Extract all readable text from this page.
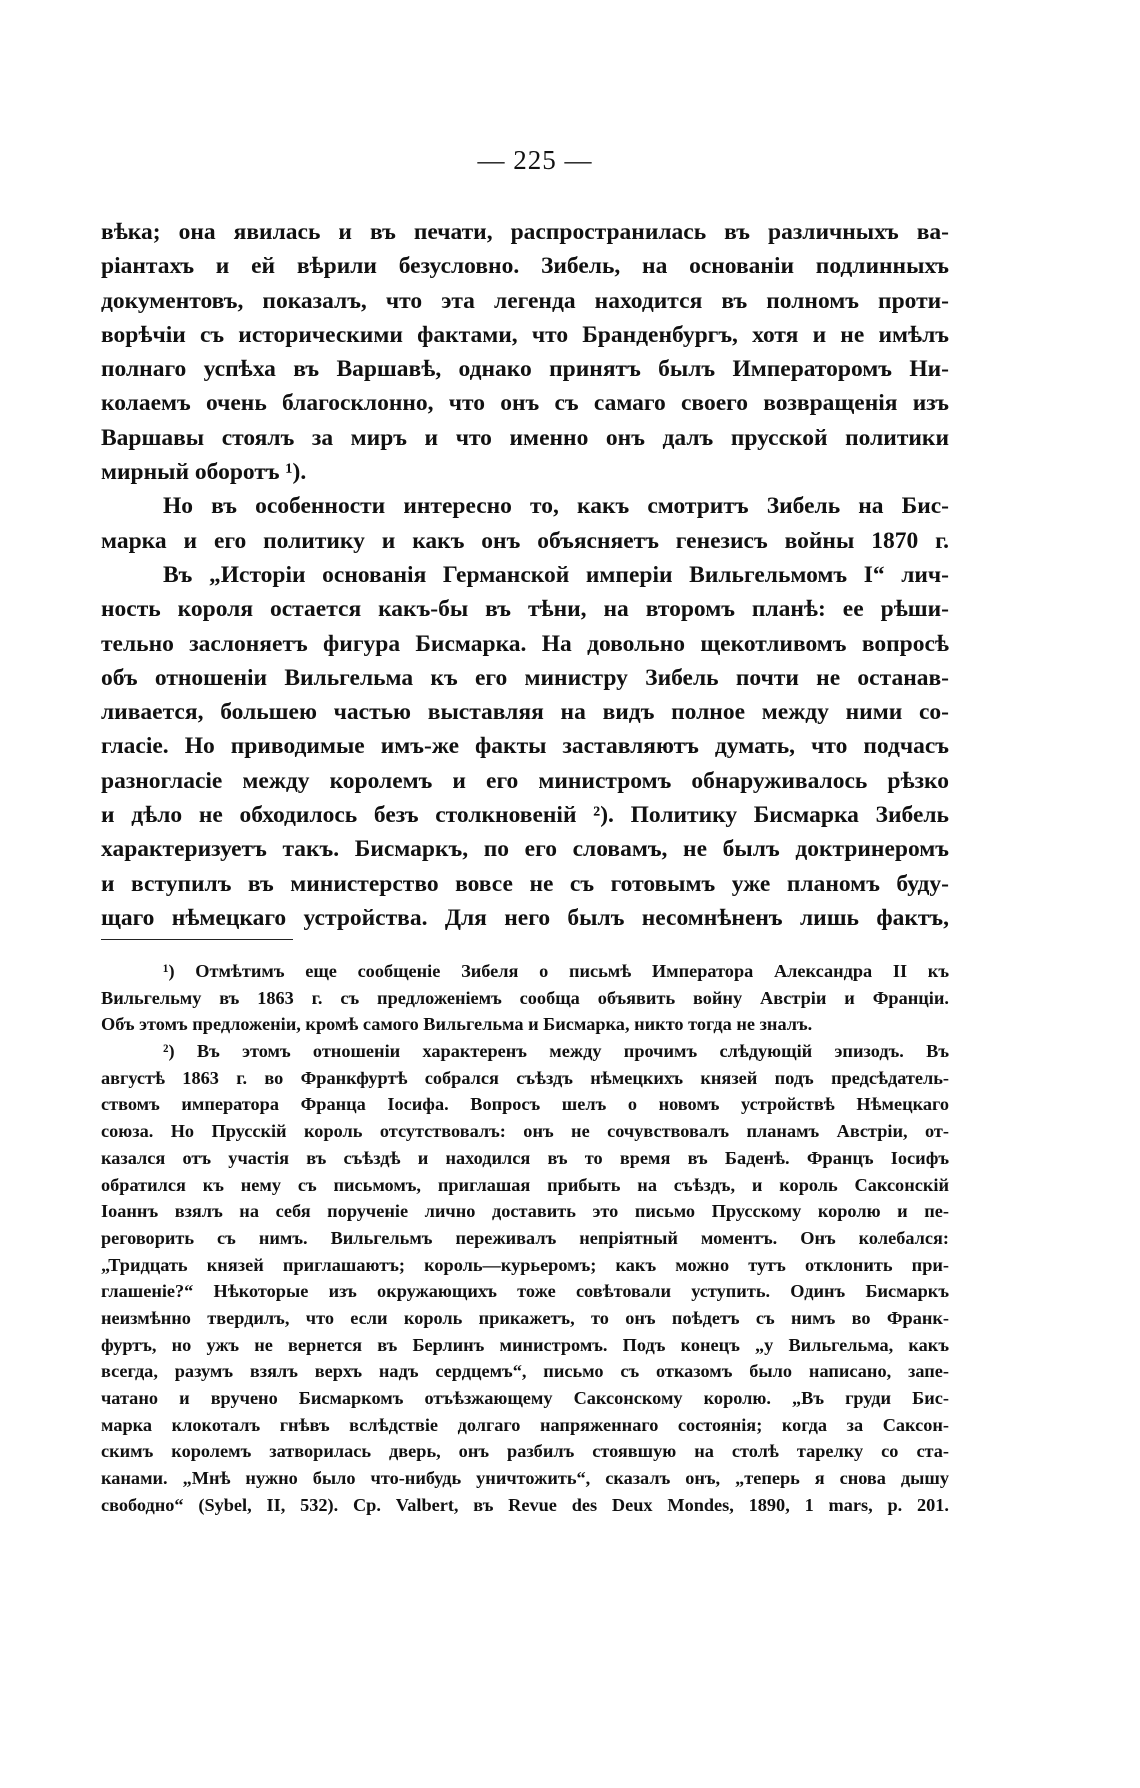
— 225 —
вѣка; она явилась и въ печати, распространилась въ различныхъ ва-
ріантахъ и ей вѣрили безусловно. Зибель, на основаніи подлинныхъ
документовъ, показалъ, что эта легенда находится въ полномъ проти-
ворѣчіи съ историческими фактами, что Бранденбургъ, хотя и не имѣлъ
полнаго успѣха въ Варшавѣ, однако принятъ былъ Императоромъ Ни-
колаемъ очень благосклонно, что онъ съ самаго своего возвращенія изъ
Варшавы стоялъ за миръ и что именно онъ далъ прусской политики
мирный оборотъ ¹).
Но въ особенности интересно то, какъ смотритъ Зибель на Бис-
марка и его политику и какъ онъ объясняетъ генезисъ войны 1870 г.
Въ „Исторіи основанія Германской имперіи Вильгельмомъ I“ лич-
ность короля остается какъ-бы въ тѣни, на второмъ планѣ: ее рѣши-
тельно заслоняетъ фигура Бисмарка. На довольно щекотливомъ вопросѣ
объ отношеніи Вильгельма къ его министру Зибель почти не останав-
ливается, большею частью выставляя на видъ полное между ними со-
гласіе. Но приводимые имъ-же факты заставляютъ думать, что подчасъ
разногласіе между королемъ и его министромъ обнаруживалось рѣзко
и дѣло не обходилось безъ столкновеній ²). Политику Бисмарка Зибель
характеризуетъ такъ. Бисмаркъ, по его словамъ, не былъ доктринеромъ
и вступилъ въ министерство вовсе не съ готовымъ уже планомъ буду-
щаго нѣмецкаго устройства. Для него былъ несомнѣненъ лишь фактъ,
¹) Отмѣтимъ еще сообщеніе Зибеля о письмѣ Императора Александра II къ
Вильгельму въ 1863 г. съ предложеніемъ сообща объявить войну Австріи и Франціи.
Объ этомъ предложеніи, кромѣ самого Вильгельма и Бисмарка, никто тогда не зналъ.
²) Въ этомъ отношеніи характеренъ между прочимъ слѣдующій эпизодъ. Въ
августѣ 1863 г. во Франкфуртѣ собрался съѣздъ нѣмецкихъ князей подъ предсѣдатель-
ствомъ императора Франца Іосифа. Вопросъ шелъ о новомъ устройствѣ Нѣмецкаго
союза. Но Прусскій король отсутствовалъ: онъ не сочувствовалъ планамъ Австріи, от-
казался отъ участія въ съѣздѣ и находился въ то время въ Баденѣ. Францъ Іосифъ
обратился къ нему съ письмомъ, приглашая прибыть на съѣздъ, и король Саксонскій
Іоаннъ взялъ на себя порученіе лично доставить это письмо Прусскому королю и пе-
реговорить съ нимъ. Вильгельмъ переживалъ непріятный моментъ. Онъ колебался:
„Тридцать князей приглашаютъ; король—курьеромъ; какъ можно тутъ отклонить при-
глашеніе?“ Нѣкоторые изъ окружающихъ тоже совѣтовали уступить. Одинъ Бисмаркъ
неизмѣнно твердилъ, что если король прикажетъ, то онъ поѣдетъ съ нимъ во Франк-
фуртъ, но ужъ не вернется въ Берлинъ министромъ. Подъ конецъ „у Вильгельма, какъ
всегда, разумъ взялъ верхъ надъ сердцемъ“, письмо съ отказомъ было написано, запе-
чатано и вручено Бисмаркомъ отъѣзжающему Саксонскому королю. „Въ груди Бис-
марка клокоталъ гнѣвъ вслѣдствіе долгаго напряженнаго состоянія; когда за Саксон-
скимъ королемъ затворилась дверь, онъ разбилъ стоявшую на столѣ тарелку со ста-
канами. „Мнѣ нужно было что-нибудь уничтожить“, сказалъ онъ, „теперь я снова дышу
свободно“ (Sybel, II, 532). Ср. Valbert, въ Revue des Deux Mondes, 1890, 1 mars, p. 201.
